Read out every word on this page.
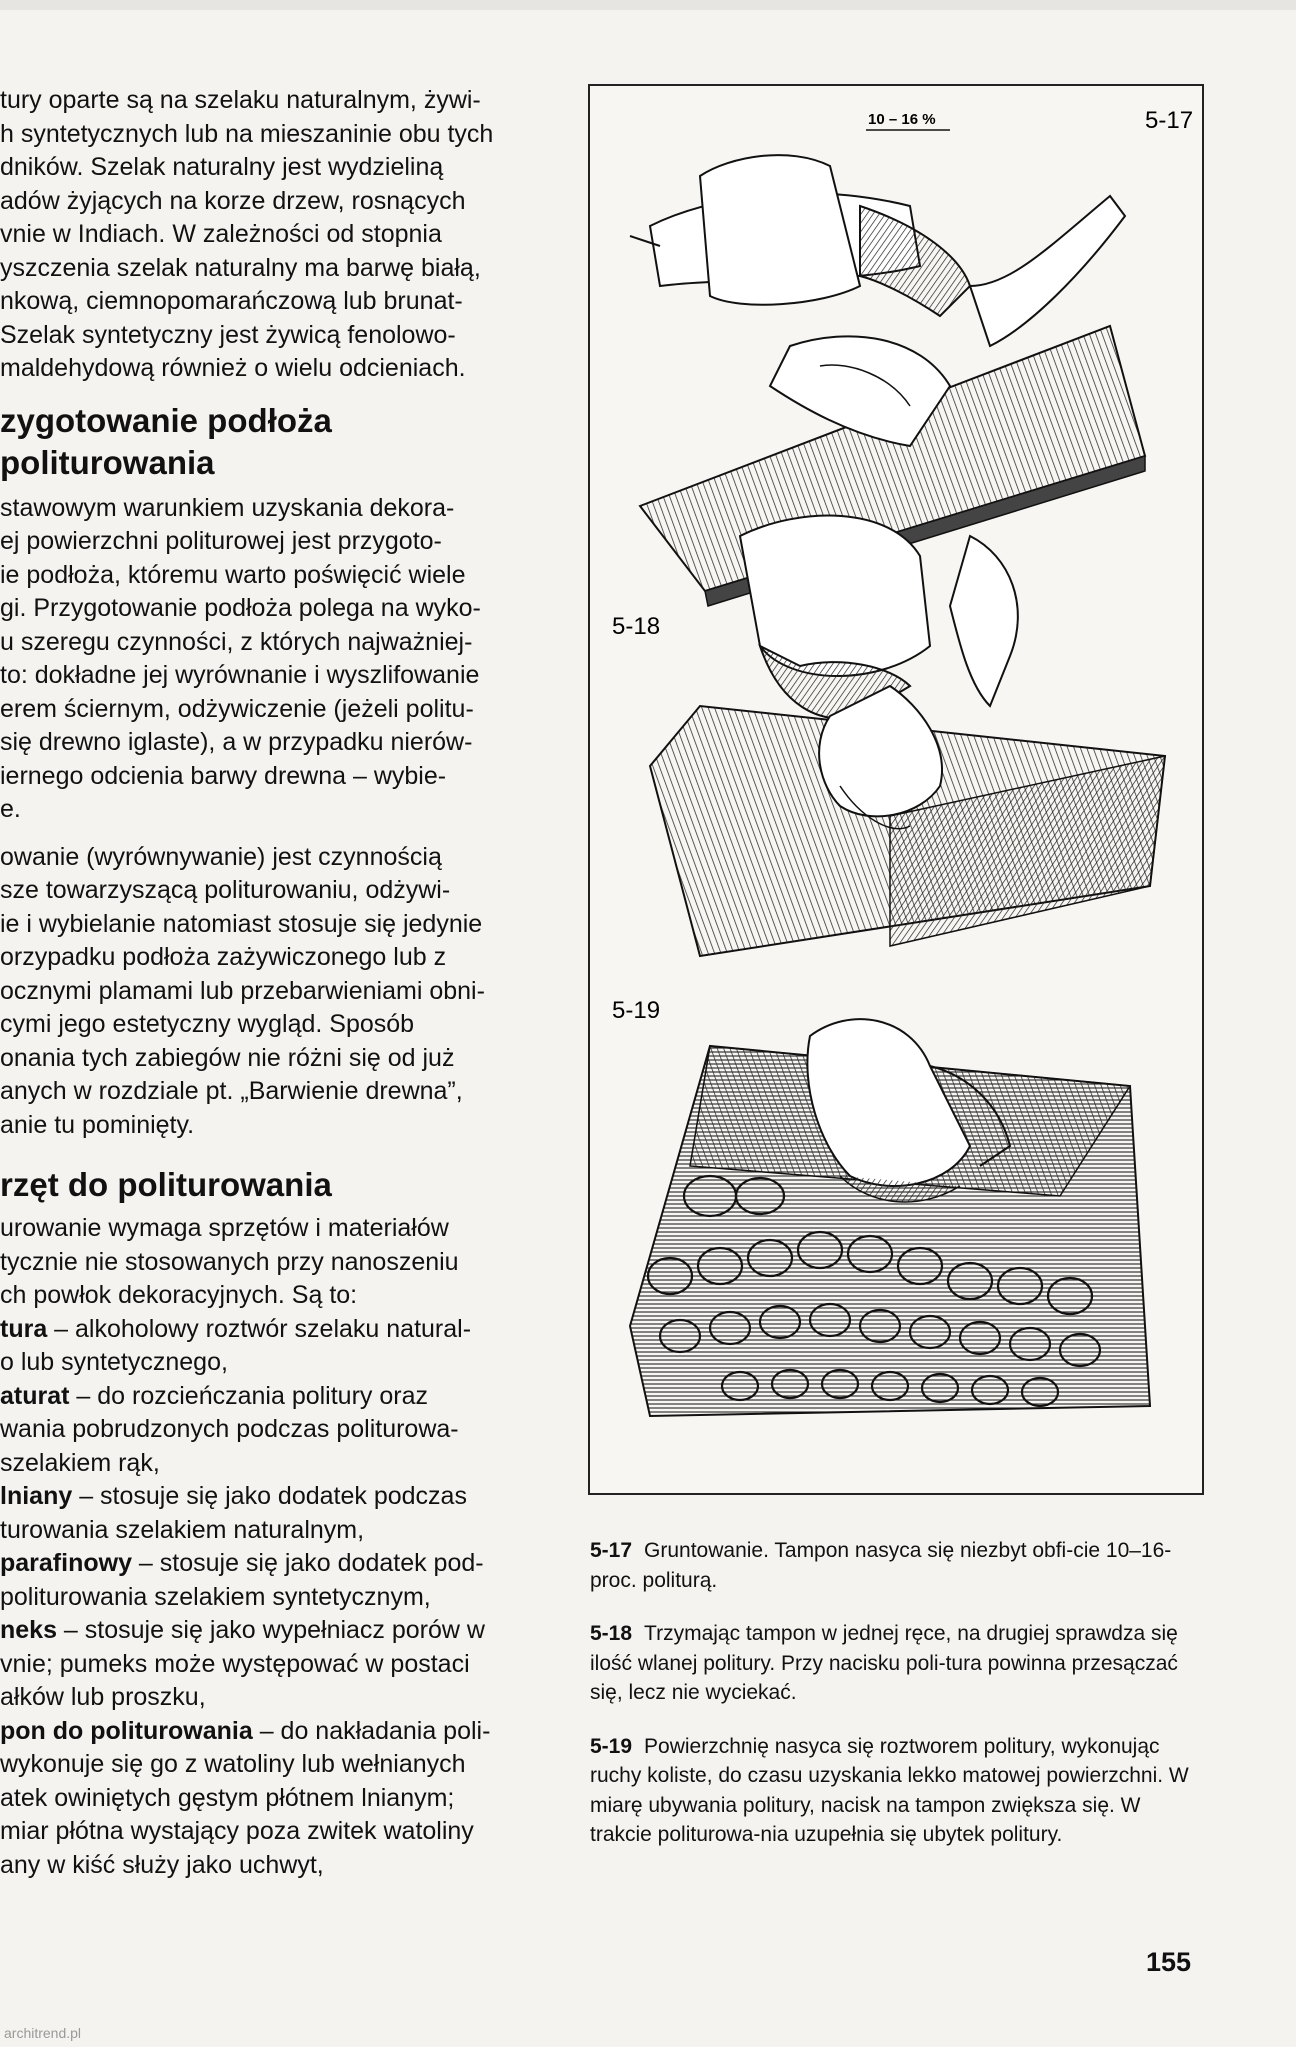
tury oparte są na szelaku naturalnym, żywi-
h syntetycznych lub na mieszaninie obu tych
dników. Szelak naturalny jest wydzieliną
adów żyjących na korze drzew, rosnących
vnie w Indiach. W zależności od stopnia
yszczenia szelak naturalny ma barwę białą,
nkową, ciemnopomarańczową lub brunat-
Szelak syntetyczny jest żywicą fenolowo-
maldehydową również o wielu odcieniach.

zygotowanie podłoża

politurowania

stawowym warunkiem uzyskania dekora-
ej powierzchni politurowej jest przygoto-
ie podłoża, któremu warto poświęcić wiele
gi. Przygotowanie podłoża polega na wyko-
u szeregu czynności, z których najważniej-
to: dokładne jej wyrównanie i wyszlifowanie
erem ściernym, odżywiczenie (jeżeli politu-
się drewno iglaste), a w przypadku nierów-
iernego odcienia barwy drewna – wybie-
e.
owanie (wyrównywanie) jest czynnością
sze towarzyszącą politurowaniu, odżywi-
ie i wybielanie natomiast stosuje się jedynie
orzypadku podłoża zażywiczonego lub z
ocznymi plamami lub przebarwieniami obni-
cymi jego estetyczny wygląd. Sposób
onania tych zabiegów nie różni się od już
anych w rozdziale pt. „Barwienie drewna”,
anie tu pominięty.

rzęt do politurowania

urowanie wymaga sprzętów i materiałów
tycznie nie stosowanych przy nanoszeniu
ch powłok dekoracyjnych. Są to:
tura – alkoholowy roztwór szelaku natural-
o lub syntetycznego,
aturat – do rozcieńczania politury oraz
wania pobrudzonych podczas politurowa-
szelakiem rąk,
lniany – stosuje się jako dodatek podczas
turowania szelakiem naturalnym,
parafinowy – stosuje się jako dodatek pod-
politurowania szelakiem syntetycznym,
neks – stosuje się jako wypełniacz porów w
vnie; pumeks może występować w postaci
ałków lub proszku,
pon do politurowania – do nakładania poli-
wykonuje się go z watoliny lub wełnianych
atek owiniętych gęstym płótnem lnianym;
miar płótna wystający poza zwitek watoliny
any w kiść służy jako uchwyt,
5-17
10 – 16 %
5-18
5-19

5-17 Gruntowanie. Tampon nasyca się niezbyt obfi-cie 10–16-proc. politurą.

5-18 Trzymając tampon w jednej ręce, na drugiej sprawdza się ilość wlanej politury. Przy nacisku poli-tura powinna przesączać się, lecz nie wyciekać.

5-19 Powierzchnię nasyca się roztworem politury, wykonując ruchy koliste, do czasu uzyskania lekko matowej powierzchni. W miarę ubywania politury, nacisk na tampon zwiększa się. W trakcie politurowa-nia uzupełnia się ubytek politury.

155
architrend.pl
